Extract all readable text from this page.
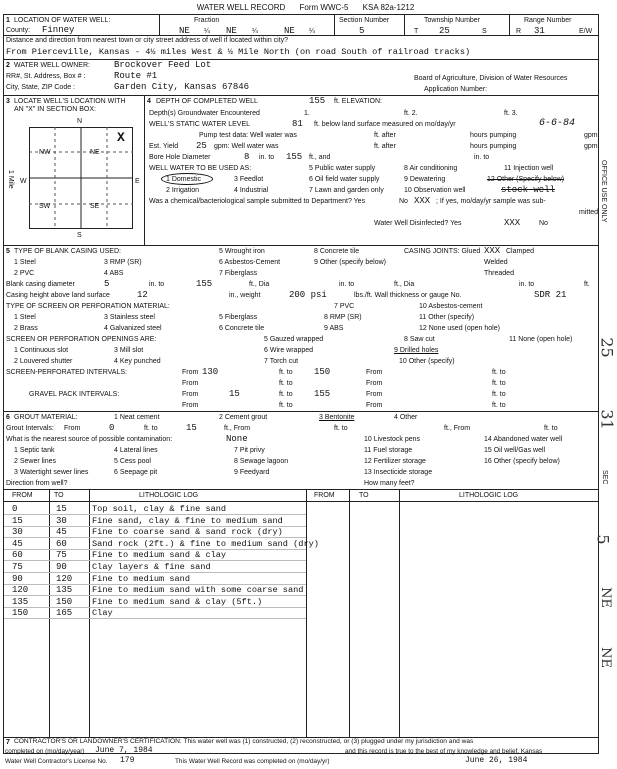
WATER WELL RECORD Form WWC-5 KSA 82a-1212
1 LOCATION OF WATER WELL:	Fraction	Section Number	Township Number	Range Number
County: Finney	NE ¼ NE ¼	NE ¼	5	T 25	S	R 31	E/W
Distance and direction from nearest town or city street address of well if located within city?
From Pierceville, Kansas - 4½ miles West & ½ Mile North (on road South of railroad tracks)
2 WATER WELL OWNER:	Brockover Feed Lot
RR#, St. Address, Box # :	Route #1	Board of Agriculture, Division of Water Resources
City, State, ZIP Code :	Garden City, Kansas 67846	Application Number:
3 LOCATE WELL'S LOCATION WITH
AN "X" IN SECTION BOX:
N
S
W	E
1 Mile
NW	NE
SW	SE
X
4 DEPTH OF COMPLETED WELL	155 ft. ELEVATION:
Depth(s) Groundwater Encountered	1.	ft. 2.	ft. 3.
WELL'S STATIC WATER LEVEL	81 ft. below land surface measured on mo/day/yr	6-6-84
Pump test data: Well water was	ft. after	hours pumping	gpm
Est. Yield 25 gpm: Well water was	ft. after	hours pumping	gpm
Bore Hole Diameter	8 in. to 155 ft., and	in. to
WELL WATER TO BE USED AS:	5 Public water supply	8 Air conditioning	11 Injection well
1 Domestic	3 Feedlot	6 Oil field water supply	9 Dewatering	12 Other (Specify below)
2 Irrigation	4 Industrial	7 Lawn and garden only	10 Observation well	stock well
Was a chemical/bacteriological sample submitted to Department? Yes	No XXX ; If yes, mo/day/yr sample was sub-
mitted
Water Well Disinfected? Yes	XXX	No
5 TYPE OF BLANK CASING USED:	5 Wrought iron	8 Concrete tile	CASING JOINTS: Glued XXX Clamped
1 Steel	3 RMP (SR)	6 Asbestos-Cement	9 Other (specify below)	Welded
2 PVC	4 ABS	7 Fiberglass	Threaded
Blank casing diameter	5	in. to	155	ft., Dia	in. to	ft., Dia	in. to	ft.
Casing height above land surface	12	in., weight	200 psi	lbs./ft. Wall thickness or gauge No.	SDR 21
TYPE OF SCREEN OR PERFORATION MATERIAL:	7 PVC	10 Asbestos-cement
1 Steel	3 Stainless steel	5 Fiberglass	8 RMP (SR)	11 Other (specify)
2 Brass	4 Galvanized steel	6 Concrete tile	9 ABS	12 None used (open hole)
SCREEN OR PERFORATION OPENINGS ARE:	5 Gauzed wrapped	8 Saw cut	11 None (open hole)
1 Continuous slot	3 Mill slot	6 Wire wrapped	9 Drilled holes
2 Louvered shutter	4 Key punched	7 Torch cut	10 Other (specify)
SCREEN-PERFORATED INTERVALS:	From 130	ft. to 150	From	ft. to
From	ft. to	From	ft. to
GRAVEL PACK INTERVALS:	From	15	ft. to 155	From	ft. to
From	ft. to	From	ft. to
6 GROUT MATERIAL:	1 Neat cement	2 Cement grout	3 Bentonite	4 Other
Grout Intervals: From	0	ft. to	15	ft., From	ft. to	ft., From	ft. to
What is the nearest source of possible contamination:	None	10 Livestock pens	14 Abandoned water well
1 Septic tank	4 Lateral lines	7 Pit privy	11 Fuel storage	15 Oil well/Gas well
2 Sewer lines	5 Cess pool	8 Sewage lagoon	12 Fertilizer storage	16 Other (specify below)
3 Watertight sewer lines	6 Seepage pit	9 Feedyard	13 Insecticide storage
Direction from well?	How many feet?
FROM	TO	LITHOLOGIC LOG	FROM	TO	LITHOLOGIC LOG
0	15	Top soil, clay & fine sand
15	30	Fine sand, clay & fine to medium sand
30	45	Fine to coarse sand & sand rock (dry)
45	60	Sand rock (2ft.) & fine to medium sand (dry)
60	75	Fine to medium sand & clay
75	90	Clay layers & fine sand
90	120 Fine to medium sand
120	135 Fine to medium sand with some coarse sand
135	150 Fine to medium sand & clay (5ft.)
150	165 Clay
7 CONTRACTOR'S OR LANDOWNER'S CERTIFICATION: This water well was (1) constructed, (2) reconstructed, or (3) plugged under my jurisdiction and was
completed on (mo/day/year) June 7, 1984	and this record is true to the best of my knowledge and belief. Kansas
Water Well Contractor's License No. 179	This Water Well Record was completed on (mo/day/yr)	June 26, 1984
OFFICE USE ONLY
SEC
25
31
5
NE
NE
